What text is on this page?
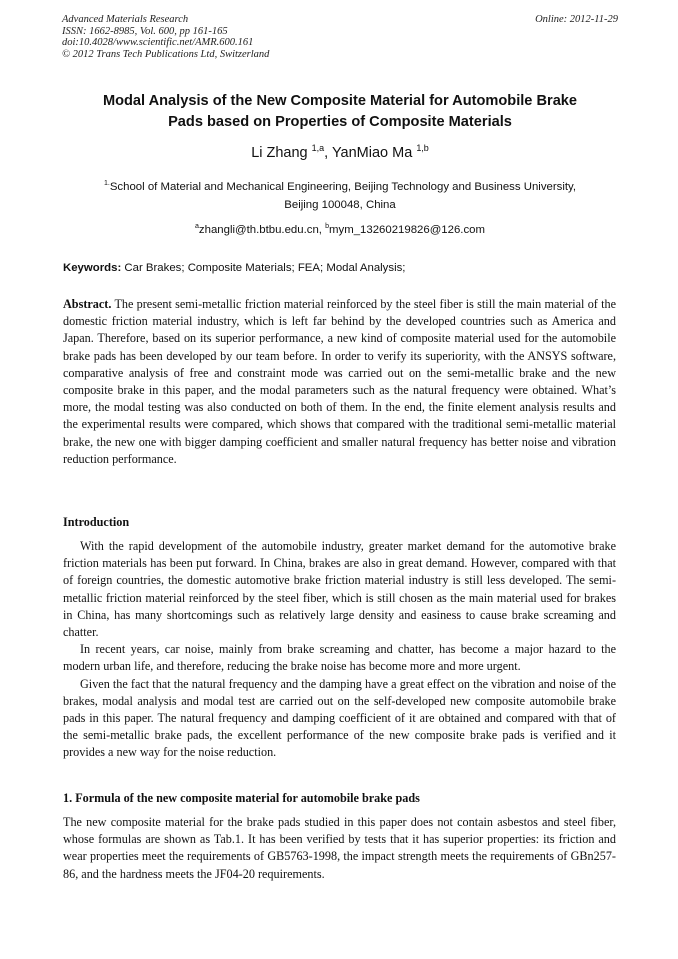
Advanced Materials Research
ISSN: 1662-8985, Vol. 600, pp 161-165
doi:10.4028/www.scientific.net/AMR.600.161
© 2012 Trans Tech Publications Ltd, Switzerland
Online: 2012-11-29
Modal Analysis of the New Composite Material for Automobile Brake
Pads based on Properties of Composite Materials
Li Zhang $^{1,a}$, YanMiao Ma $^{1,b}$
$^{1.}$School of Material and Mechanical Engineering, Beijing Technology and Business University,
Beijing 100048, China
$^a$zhangli@th.btbu.edu.cn, $^b$mym_13260219826@126.com
Keywords: Car Brakes; Composite Materials; FEA; Modal Analysis;
Abstract. The present semi-metallic friction material reinforced by the steel fiber is still the main material of the domestic friction material industry, which is left far behind by the developed countries such as America and Japan. Therefore, based on its superior performance, a new kind of composite material used for the automobile brake pads has been developed by our team before. In order to verify its superiority, with the ANSYS software, comparative analysis of free and constraint mode was carried out on the semi-metallic brake and the new composite brake in this paper, and the modal parameters such as the natural frequency were obtained. What’s more, the modal testing was also conducted on both of them. In the end, the finite element analysis results and the experimental results were compared, which shows that compared with the traditional semi-metallic material brake, the new one with bigger damping coefficient and smaller natural frequency has better noise and vibration reduction performance.
Introduction

With the rapid development of the automobile industry, greater market demand for the automotive brake friction materials has been put forward. In China, brakes are also in great demand. However, compared with that of foreign countries, the domestic automotive brake friction material industry is still less developed. The semi-metallic friction material reinforced by the steel fiber, which is still chosen as the main material used for brakes in China, has many shortcomings such as relatively large density and easiness to cause brake screaming and chatter.

In recent years, car noise, mainly from brake screaming and chatter, has become a major hazard to the modern urban life, and therefore, reducing the brake noise has become more and more urgent.

Given the fact that the natural frequency and the damping have a great effect on the vibration and noise of the brakes, modal analysis and modal test are carried out on the self-developed new composite automobile brake pads in this paper. The natural frequency and damping coefficient of it are obtained and compared with that of the semi-metallic brake pads, the excellent performance of the new composite brake pads is verified and it provides a new way for the noise reduction.

1. Formula of the new composite material for automobile brake pads

The new composite material for the brake pads studied in this paper does not contain asbestos and steel fiber, whose formulas are shown as Tab.1. It has been verified by tests that it has superior properties: its friction and wear properties meet the requirements of GB5763-1998, the impact strength meets the requirements of GBn257-86, and the hardness meets the JF04-20 requirements.
